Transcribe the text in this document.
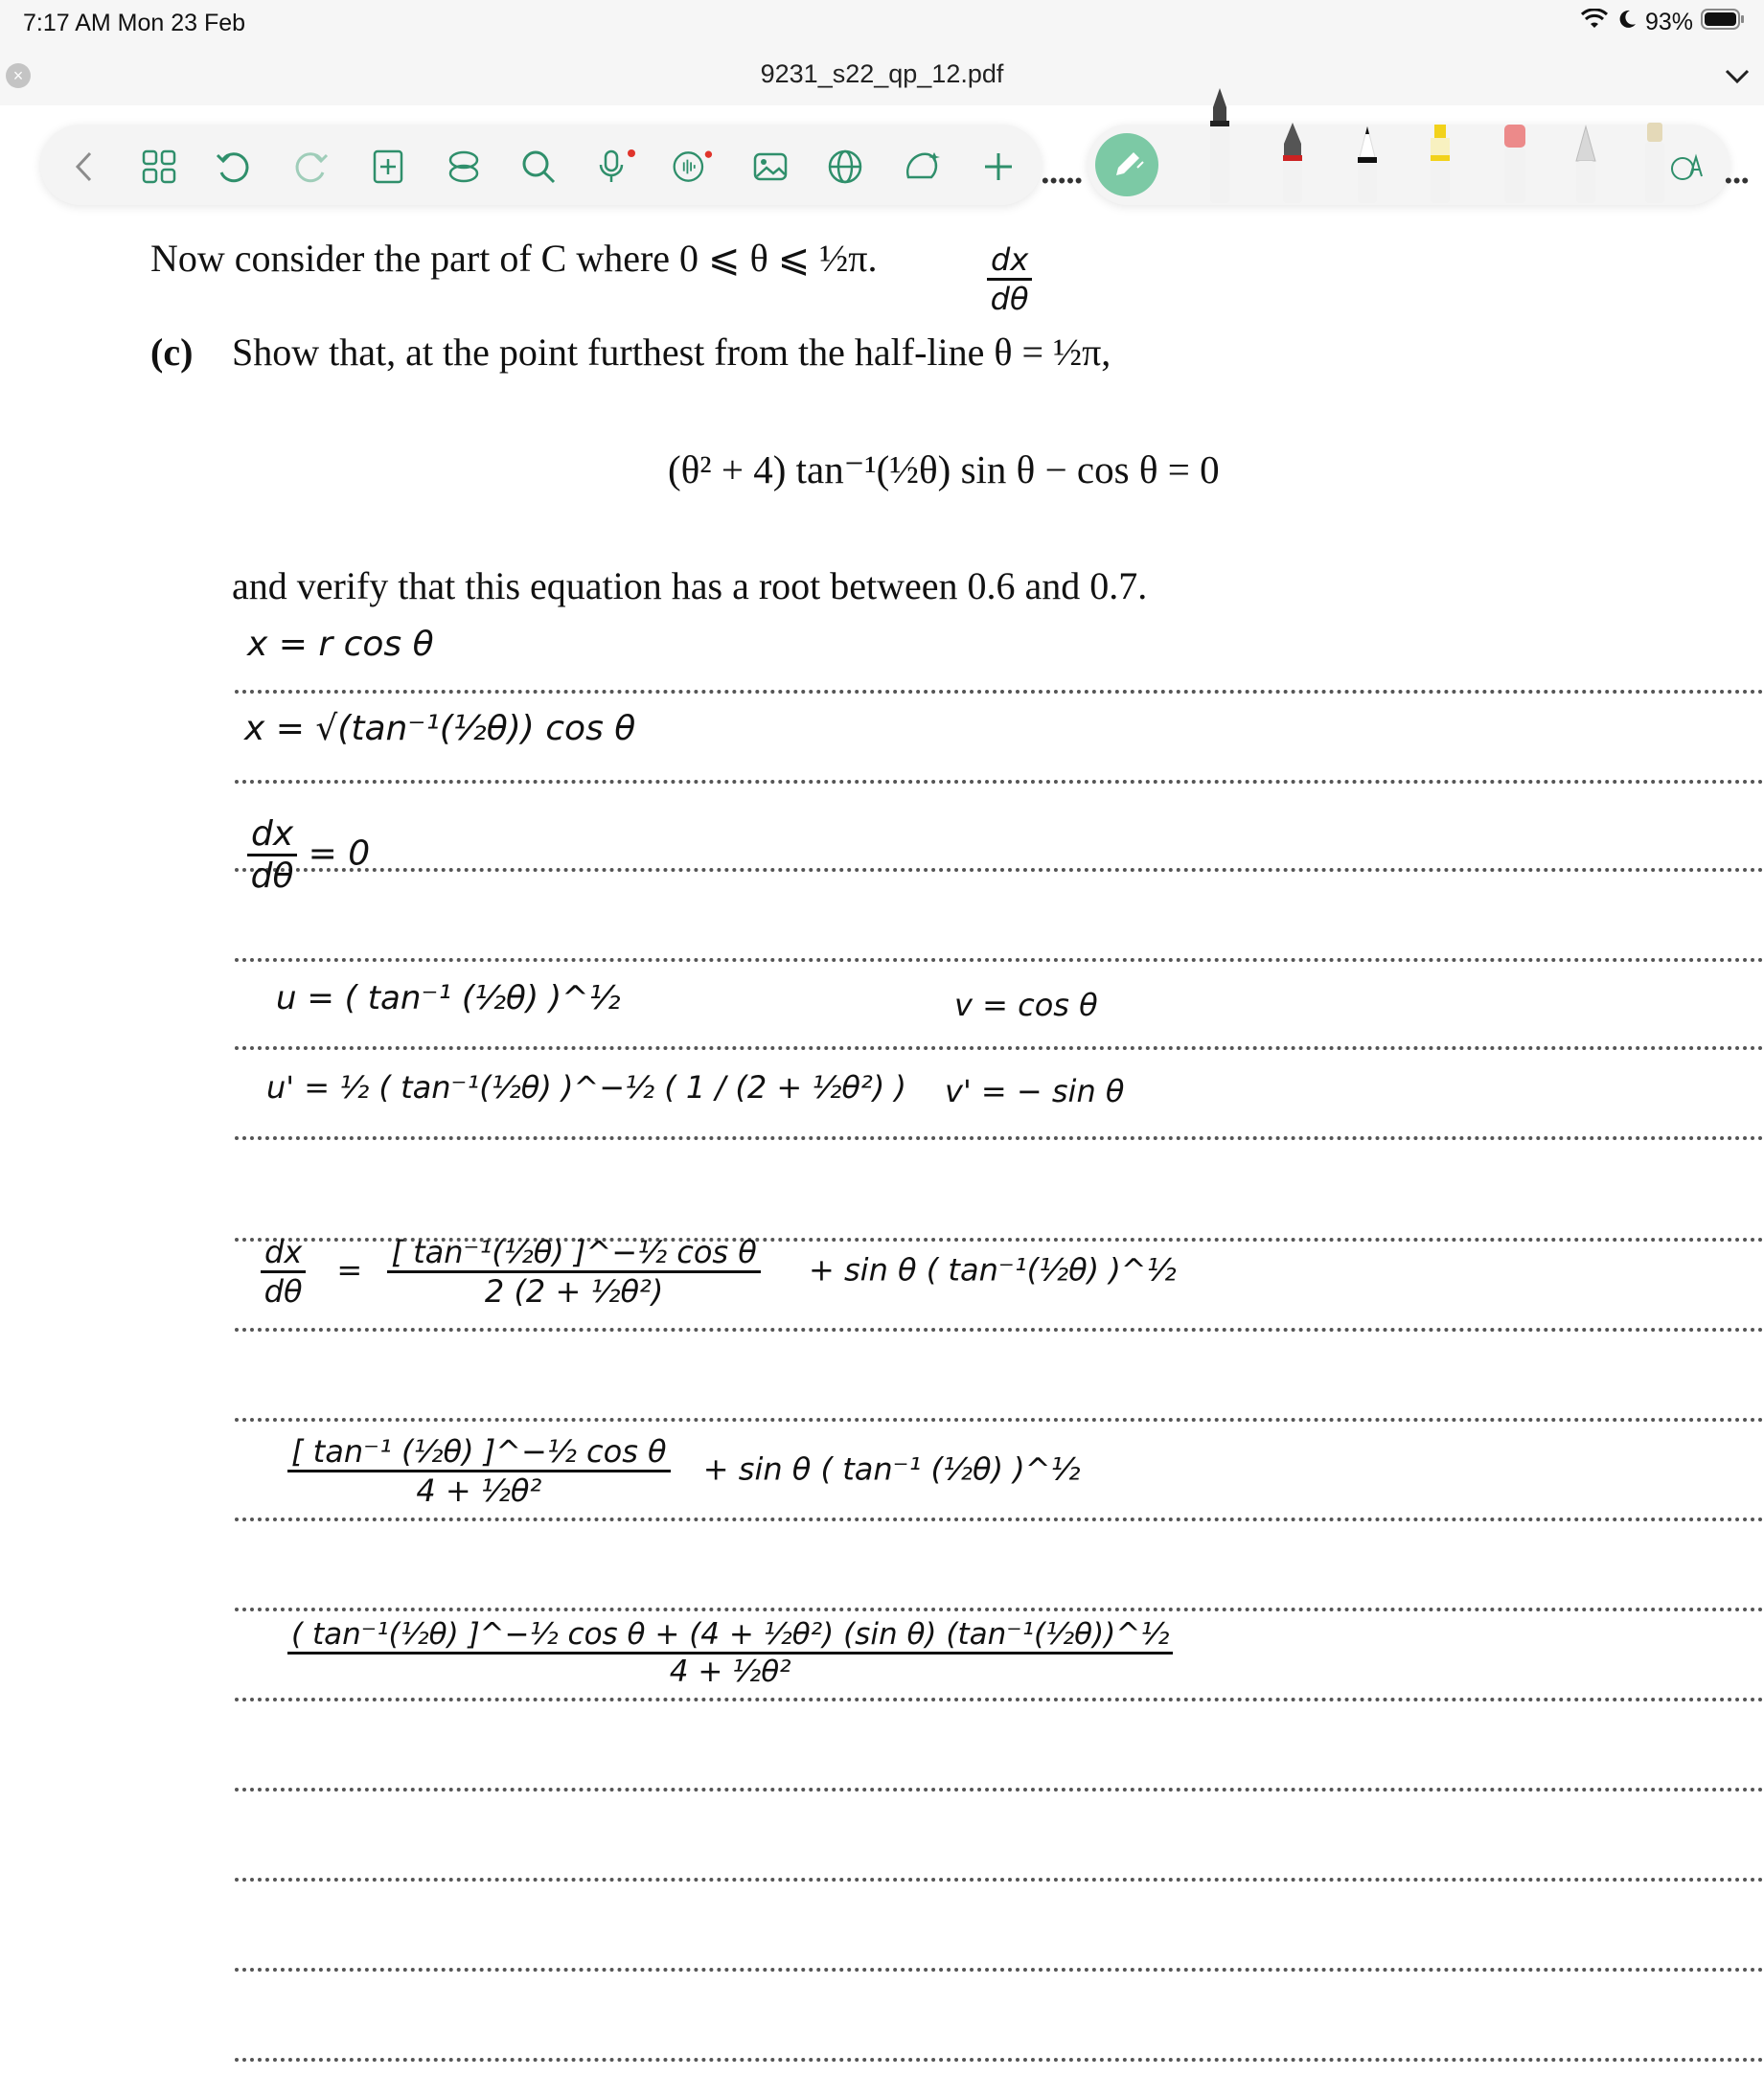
7:17 AM Mon 23 Feb	93%
×	9231_s22_qp_12.pdf
•••••	•••
Now consider the part of C where 0 ⩽ θ ⩽ ½π.
(c) Show that, at the point furthest from the half-line θ = ½π,
(θ² + 4) tan⁻¹(½θ) sin θ − cos θ = 0
and verify that this equation has a root between 0.6 and 0.7.
$\frac{dx}{d\theta}$
x = r cos θ
x = √(tan⁻¹(½θ)) cos θ
$\frac{dx}{d\theta} = 0$
u = ( tan⁻¹ (½θ) )^½	v = cos θ
u' = ½ ( tan⁻¹(½θ) )^−½ ( 1 / (2 + ½θ²) ) v' = − sin θ
$\frac{dx}{d\theta} = \frac{\text{[ tan⁻¹(½θ) ]\textasciicircum{}−½ cos θ}}{\text{2 (2 + ½θ²)}} + \sin \theta$ ( tan⁻¹(½θ) )^½
$\frac{\text{[ tan⁻¹ (½θ) ]\textasciicircum{}−½ cos θ}}{\text{4 + ½θ²}} + \sin \theta$ ( tan⁻¹ (½θ) )^½
$\frac{\text{( tan⁻¹(½θ) ]\textasciicircum{}−½ cos θ + (4 + ½θ²) (sin θ) (tan⁻¹(½θ))\textasciicircum{}½}}{\text{4 + ½θ²}}$
